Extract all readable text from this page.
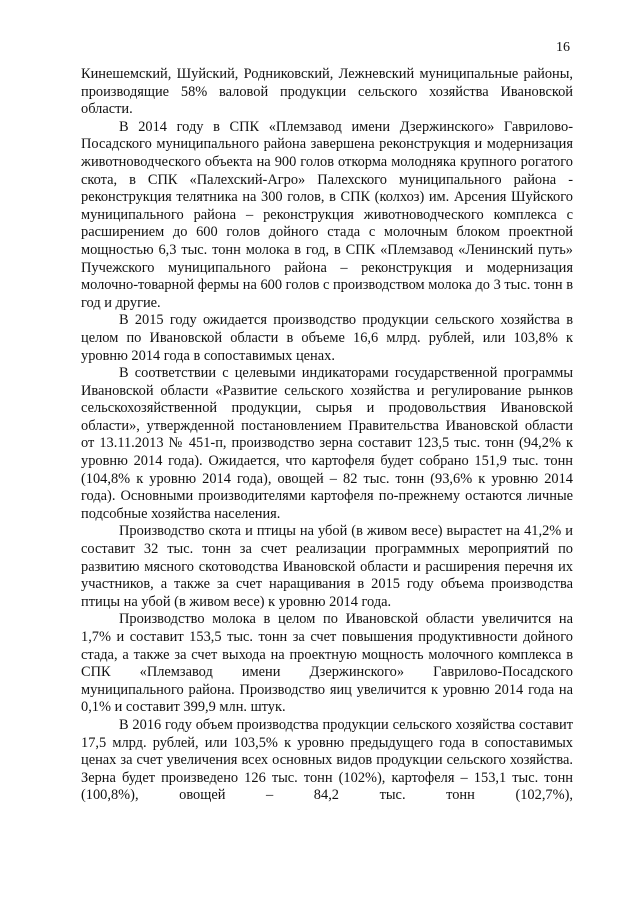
16

Кинешемский, Шуйский, Родниковский, Лежневский муниципальные районы, производящие 58% валовой продукции сельского хозяйства Ивановской области.

В 2014 году в СПК «Племзавод имени Дзержинского» Гаврилово-Посадского муниципального района завершена реконструкция и модернизация животноводческого объекта на 900 голов откорма молодняка крупного рогатого скота, в СПК «Палехский-Агро» Палехского муниципального района - реконструкция телятника на 300 голов, в СПК (колхоз) им. Арсения Шуйского муниципального района – реконструкция животноводческого комплекса с расширением до 600 голов дойного стада с молочным блоком проектной мощностью 6,3 тыс. тонн молока в год, в СПК «Племзавод «Ленинский путь» Пучежского муниципального района – реконструкция и модернизация молочно-товарной фермы на 600 голов с производством молока до 3 тыс. тонн в год и другие.

В 2015 году ожидается производство продукции сельского хозяйства в целом по Ивановской области в объеме 16,6 млрд. рублей, или 103,8% к уровню 2014 года в сопоставимых ценах.

В соответствии с целевыми индикаторами государственной программы Ивановской области «Развитие сельского хозяйства и регулирование рынков сельскохозяйственной продукции, сырья и продовольствия Ивановской области», утвержденной постановлением Правительства Ивановской области от 13.11.2013 № 451-п, производство зерна составит 123,5 тыс. тонн (94,2% к уровню 2014 года). Ожидается, что картофеля будет собрано 151,9 тыс. тонн (104,8% к уровню 2014 года), овощей – 82 тыс. тонн (93,6% к уровню 2014 года). Основными производителями картофеля по-прежнему остаются личные подсобные хозяйства населения.

Производство скота и птицы на убой (в живом весе) вырастет на 41,2% и составит 32 тыс. тонн за счет реализации программных мероприятий по развитию мясного скотоводства Ивановской области и расширения перечня их участников, а также за счет наращивания в 2015 году объема производства птицы на убой (в живом весе) к уровню 2014 года.

Производство молока в целом по Ивановской области увеличится на 1,7% и составит 153,5 тыс. тонн за счет повышения продуктивности дойного стада, а также за счет выхода на проектную мощность молочного комплекса в СПК «Племзавод имени Дзержинского» Гаврилово-Посадского муниципального района. Производство яиц увеличится к уровню 2014 года на 0,1% и составит 399,9 млн. штук.

В 2016 году объем производства продукции сельского хозяйства составит 17,5 млрд. рублей, или 103,5% к уровню предыдущего года в сопоставимых ценах за счет увеличения всех основных видов продукции сельского хозяйства. Зерна будет произведено 126 тыс. тонн (102%), картофеля – 153,1 тыс. тонн (100,8%), овощей – 84,2 тыс. тонн (102,7%),
